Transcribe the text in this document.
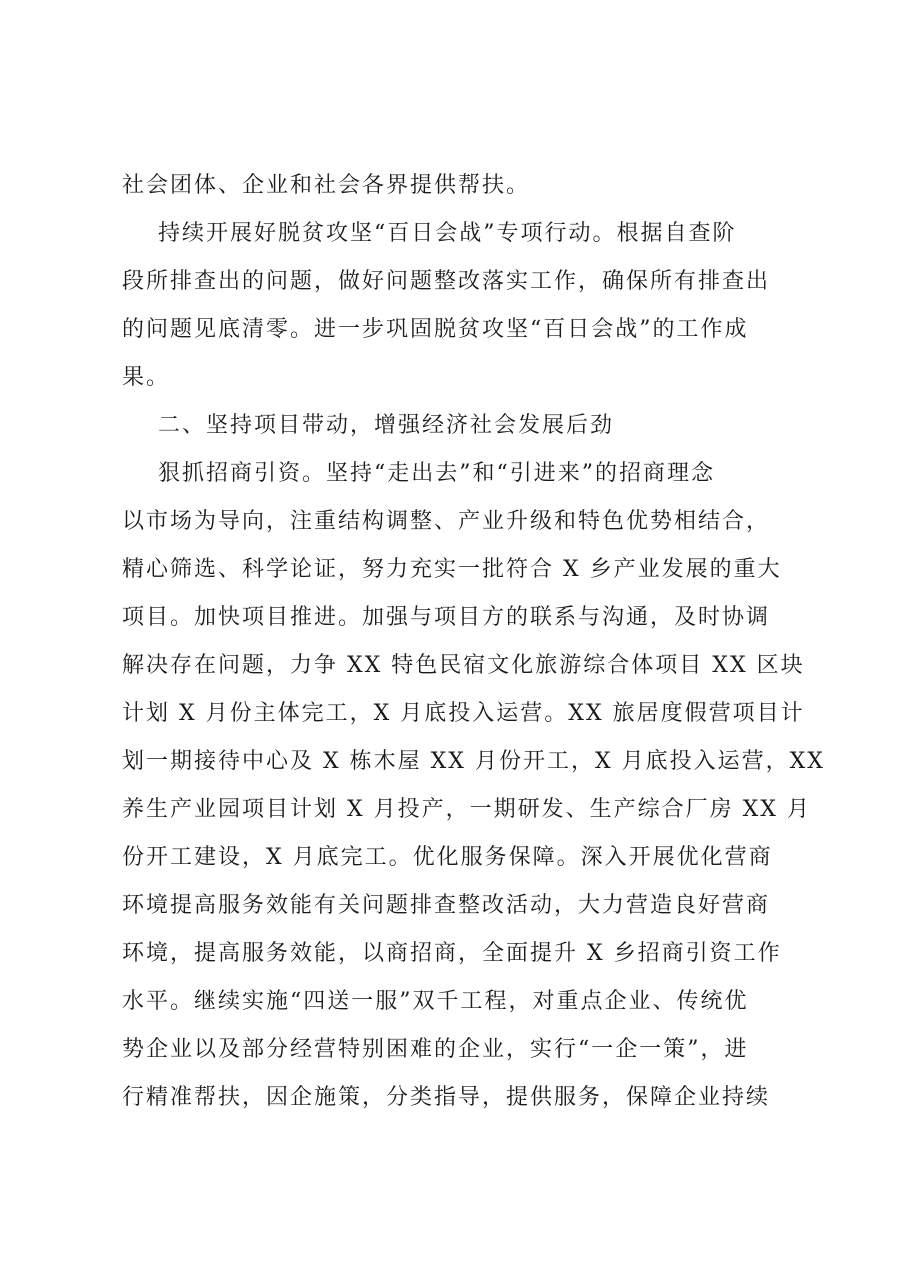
社会团体、企业和社会各界提供帮扶。
持续开展好脱贫攻坚“百日会战”专项行动。根据自查阶
段所排查出的问题，做好问题整改落实工作，确保所有排查出
的问题见底清零。进一步巩固脱贫攻坚“百日会战”的工作成
果。
二、坚持项目带动，增强经济社会发展后劲
狠抓招商引资。坚持“走出去”和“引进来”的招商理念
以市场为导向，注重结构调整、产业升级和特色优势相结合，
精心筛选、科学论证，努力充实一批符合 X 乡产业发展的重大
项目。加快项目推进。加强与项目方的联系与沟通，及时协调
解决存在问题，力争 XX 特色民宿文化旅游综合体项目 XX 区块
计划 X 月份主体完工，X 月底投入运营。XX 旅居度假营项目计
划一期接待中心及 X 栋木屋 XX 月份开工，X 月底投入运营，XX
养生产业园项目计划 X 月投产，一期研发、生产综合厂房 XX 月
份开工建设，X 月底完工。优化服务保障。深入开展优化营商
环境提高服务效能有关问题排查整改活动，大力营造良好营商
环境，提高服务效能，以商招商，全面提升 X 乡招商引资工作
水平。继续实施“四送一服”双千工程，对重点企业、传统优
势企业以及部分经营特别困难的企业，实行“一企一策”，进
行精准帮扶，因企施策，分类指导，提供服务，保障企业持续
